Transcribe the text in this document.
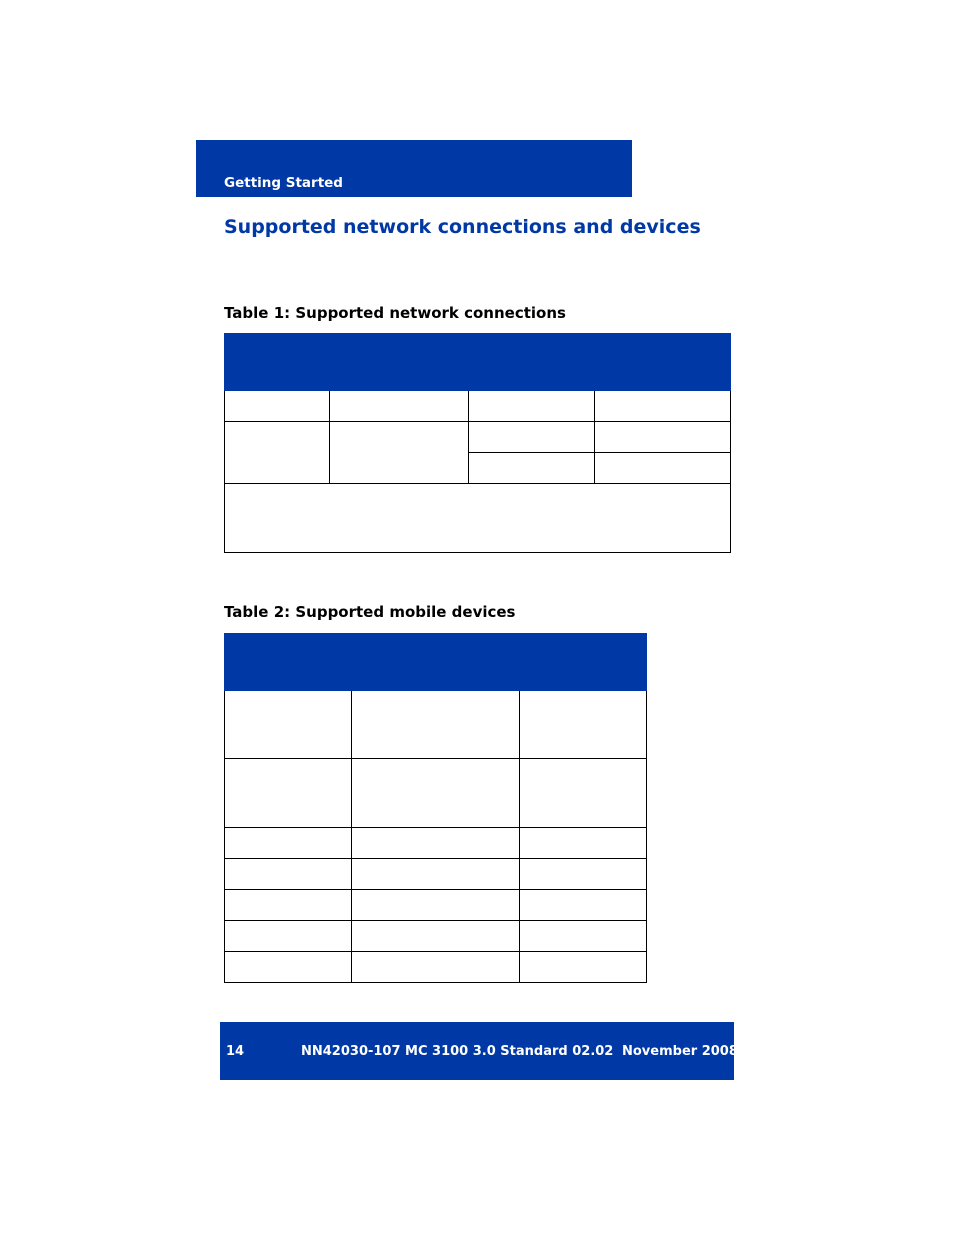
Getting Started
Supported network connections and devices

Table 1: Supported network connections

Table 2: Supported mobile devices

14	NN42030-107 MC 3100 3.0 Standard 02.02 November 2008
